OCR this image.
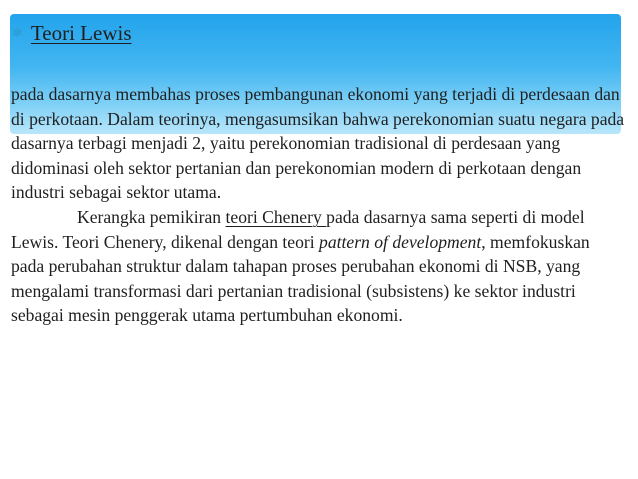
✱ Teori Lewis

pada dasarnya membahas proses pembangunan ekonomi yang terjadi di perdesaan dan di perkotaan. Dalam teorinya, mengasumsikan bahwa perekonomian suatu negara pada dasarnya terbagi menjadi 2, yaitu perekonomian tradisional di perdesaan yang didominasi oleh sektor pertanian dan perekonomian modern di perkotaan dengan industri sebagai sektor utama.

Kerangka pemikiran teori Chenery pada dasarnya sama seperti di model Lewis. Teori Chenery, dikenal dengan teori pattern of development, memfokuskan pada perubahan struktur dalam tahapan proses perubahan ekonomi di NSB, yang mengalami transformasi dari pertanian tradisional (subsistens) ke sektor industri sebagai mesin penggerak utama pertumbuhan ekonomi.
